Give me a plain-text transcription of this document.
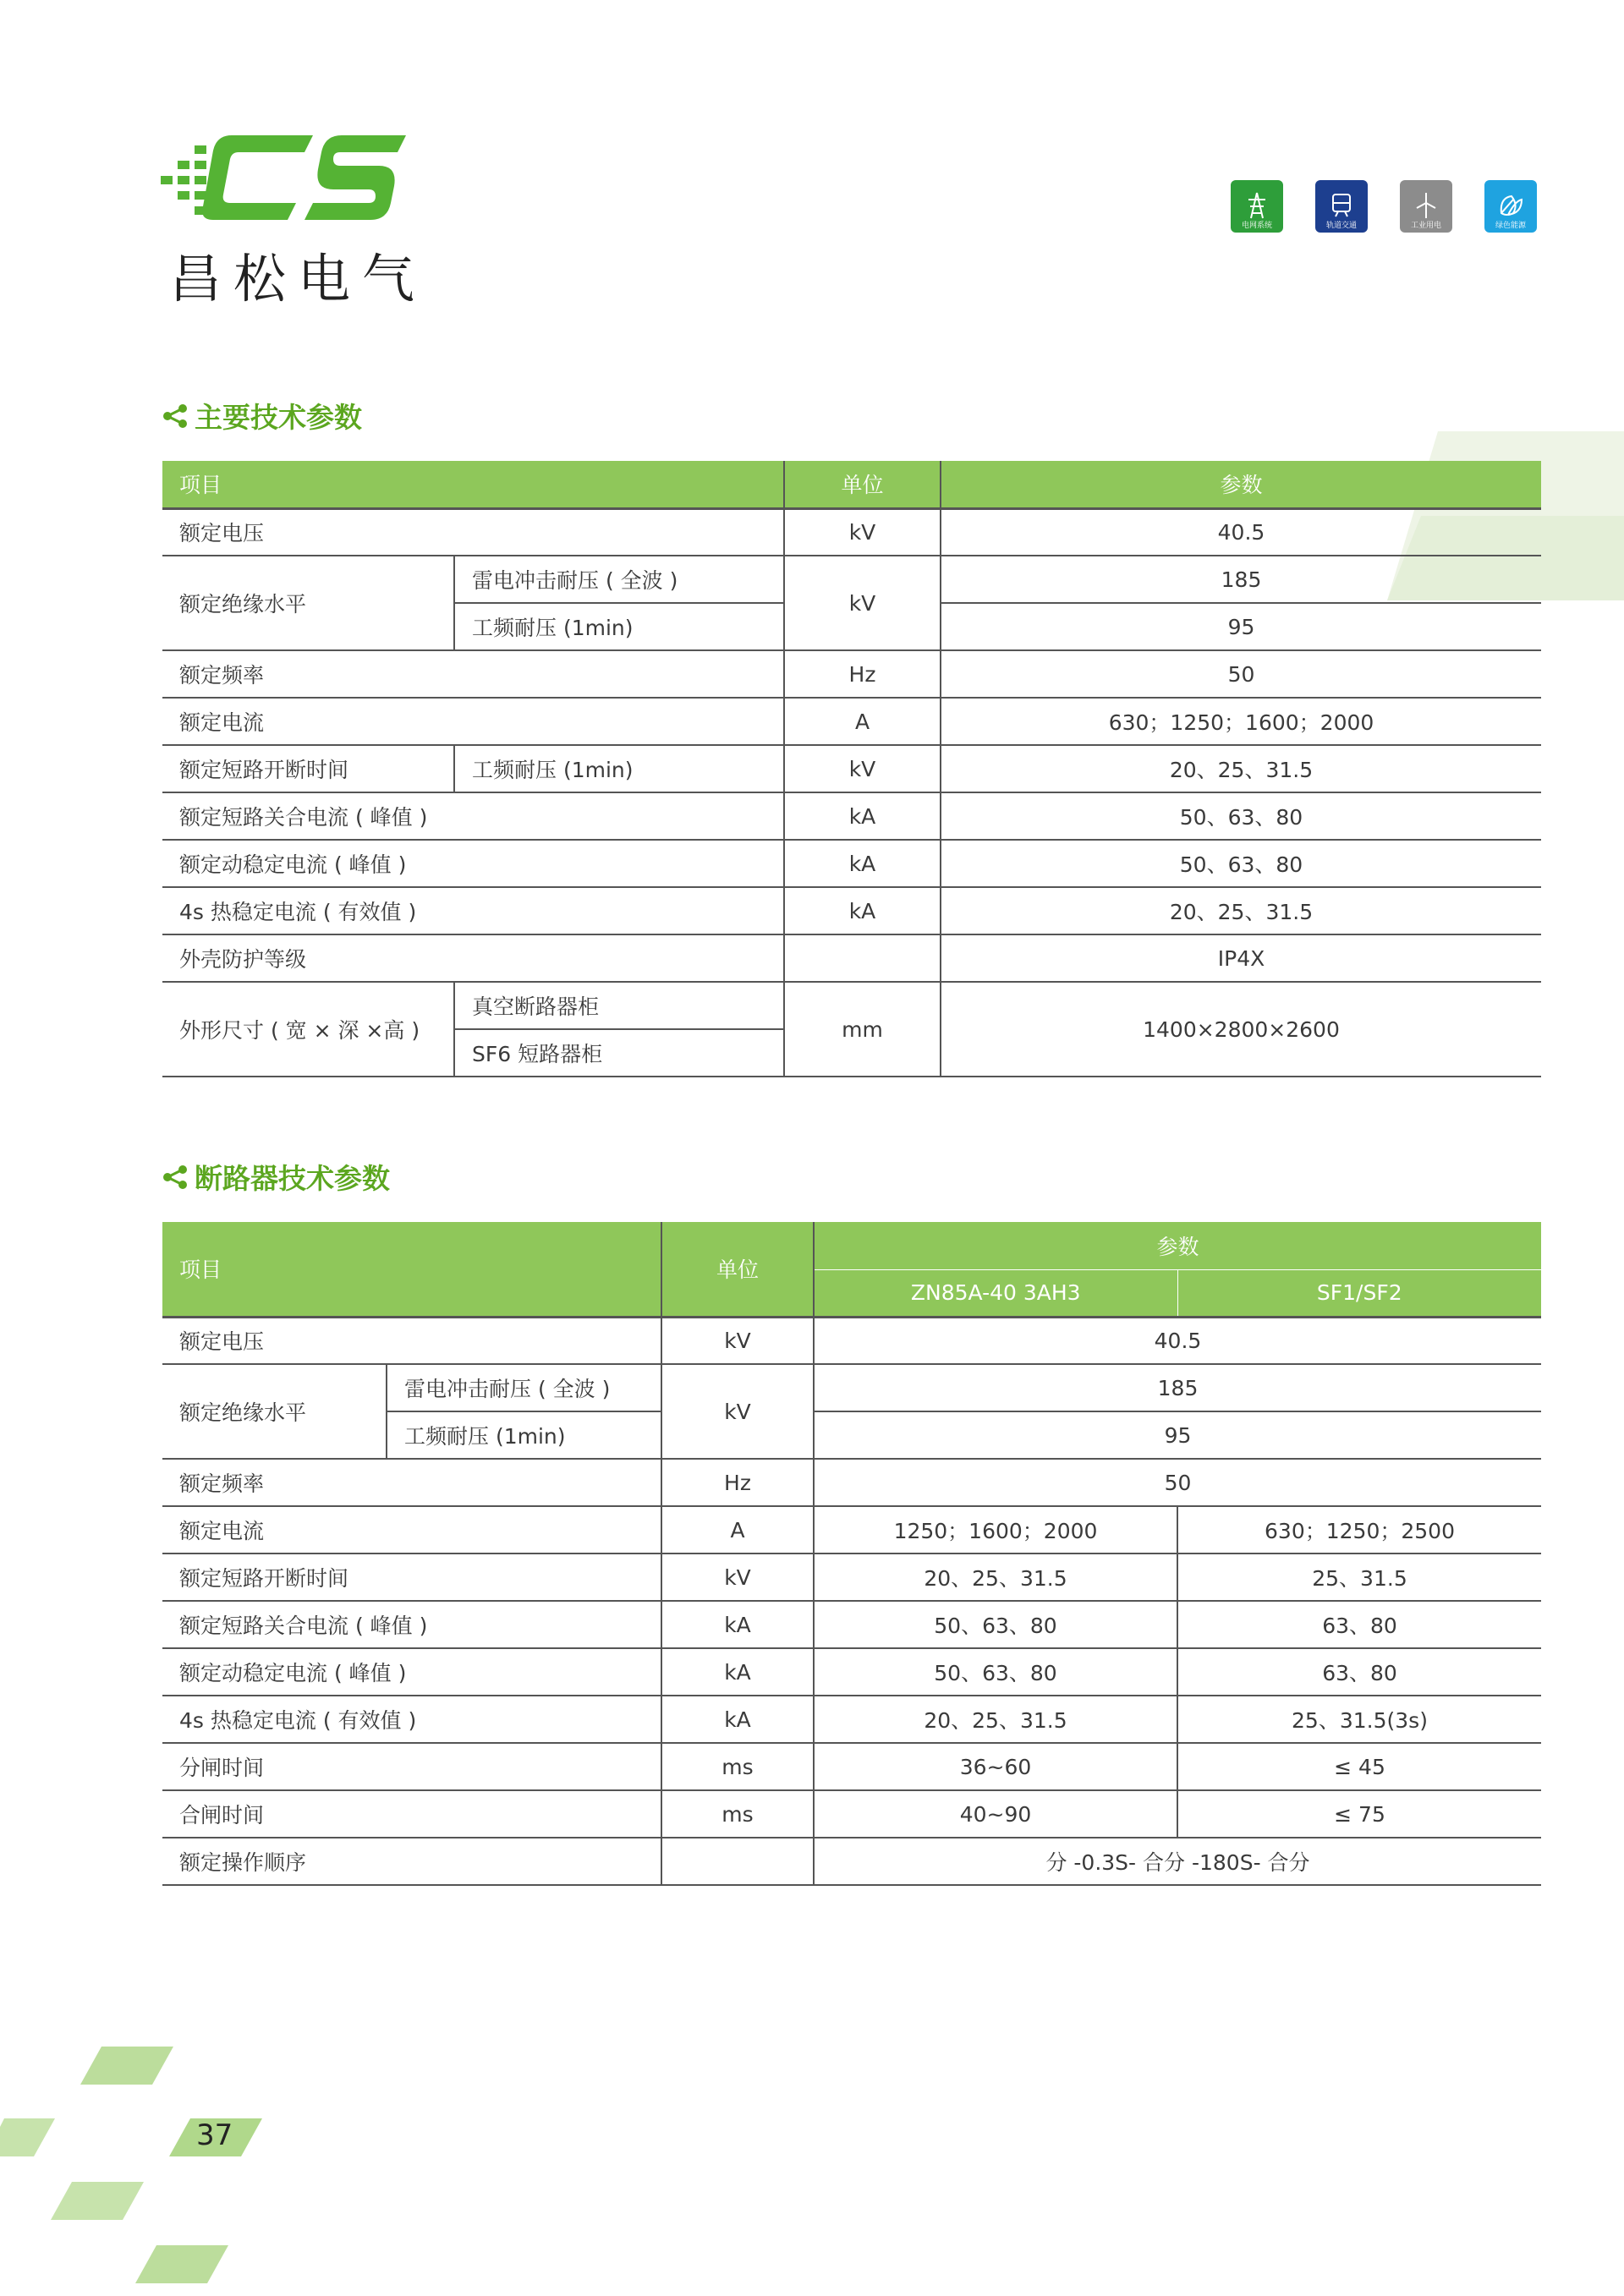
昌松电气
电网系统	轨道交通	工业用电	绿色能源
主要技术参数
项目		单位	参数
额定电压		kV	40.5
额定绝缘水平	雷电冲击耐压 ( 全波 )	kV	185
	工频耐压 (1min)		95
额定频率		Hz	50
额定电流		A	630；1250；1600；2000
额定短路开断时间	工频耐压 (1min)	kV	20、25、31.5
额定短路关合电流 ( 峰值 )		kA	50、63、80
额定动稳定电流 ( 峰值 )		kA	50、63、80
4s 热稳定电流 ( 有效值 )		kA	20、25、31.5
外壳防护等级			IP4X
外形尺寸 ( 宽 × 深 ×高 )	真空断路器柜	mm	1400×2800×2600
	SF6 短路器柜		
断路器技术参数
项目		单位	参数	
			ZN85A-40 3AH3	SF1/SF2
额定电压		kV	40.5	
额定绝缘水平	雷电冲击耐压 ( 全波 )	kV	185	
	工频耐压 (1min)		95	
额定频率		Hz	50	
额定电流		A	1250；1600；2000	630；1250；2500
额定短路开断时间		kV	20、25、31.5	25、31.5
额定短路关合电流 ( 峰值 )		kA	50、63、80	63、80
额定动稳定电流 ( 峰值 )		kA	50、63、80	63、80
4s 热稳定电流 ( 有效值 )		kA	20、25、31.5	25、31.5(3s)
分闸时间		ms	36~60	≤ 45
合闸时间		ms	40~90	≤ 75
额定操作顺序			分 -0.3S- 合分 -180S- 合分	
37
